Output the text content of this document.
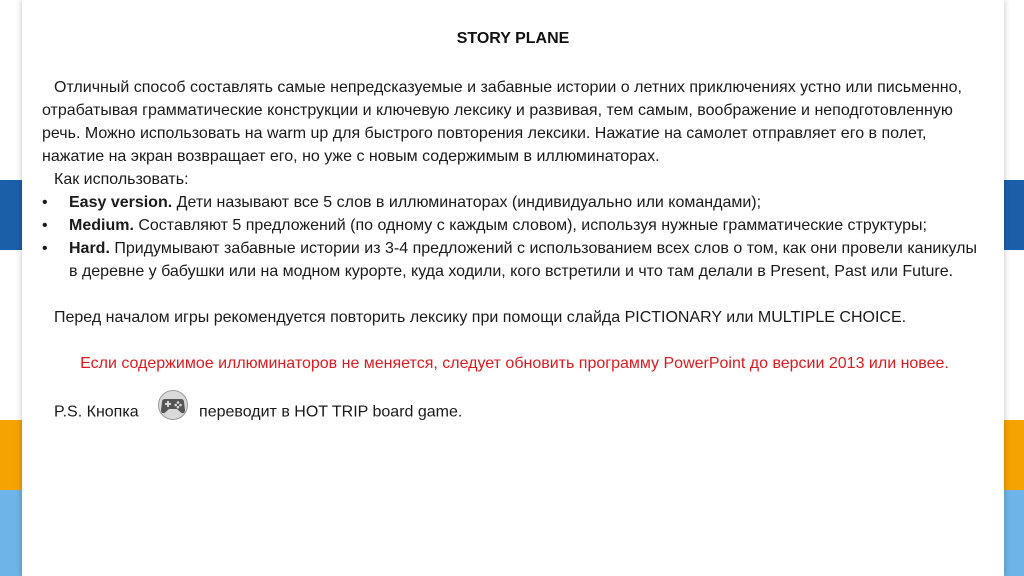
STORY PLANE

Отличный способ составлять самые непредсказуемые и забавные истории о летних приключениях устно или письменно, отрабатывая грамматические конструкции и ключевую лексику и развивая, тем самым, воображение и неподготовленную речь. Можно использовать на warm up для быстрого повторения лексики. Нажатие на самолет отправляет его в полет, нажатие на экран возвращает его, но уже с новым содержимым в иллюминаторах.

Как использовать:

• Easy version. Дети называют все 5 слов в иллюминаторах (индивидуально или командами);
• Medium. Составляют 5 предложений (по одному с каждым словом), используя нужные грамматические структуры;
• Hard. Придумывают забавные истории из 3-4 предложений с использованием всех слов о том, как они провели каникулы в деревне у бабушки или на модном курорте, куда ходили, кого встретили и что там делали в Present, Past или Future.

Перед началом игры рекомендуется повторить лексику при помощи слайда PICTIONARY или MULTIPLE CHOICE.

Если содержимое иллюминаторов не меняется, следует обновить программу PowerPoint до версии 2013 или новее.

P.S. Кнопка	переводит в HOT TRIP board game.
